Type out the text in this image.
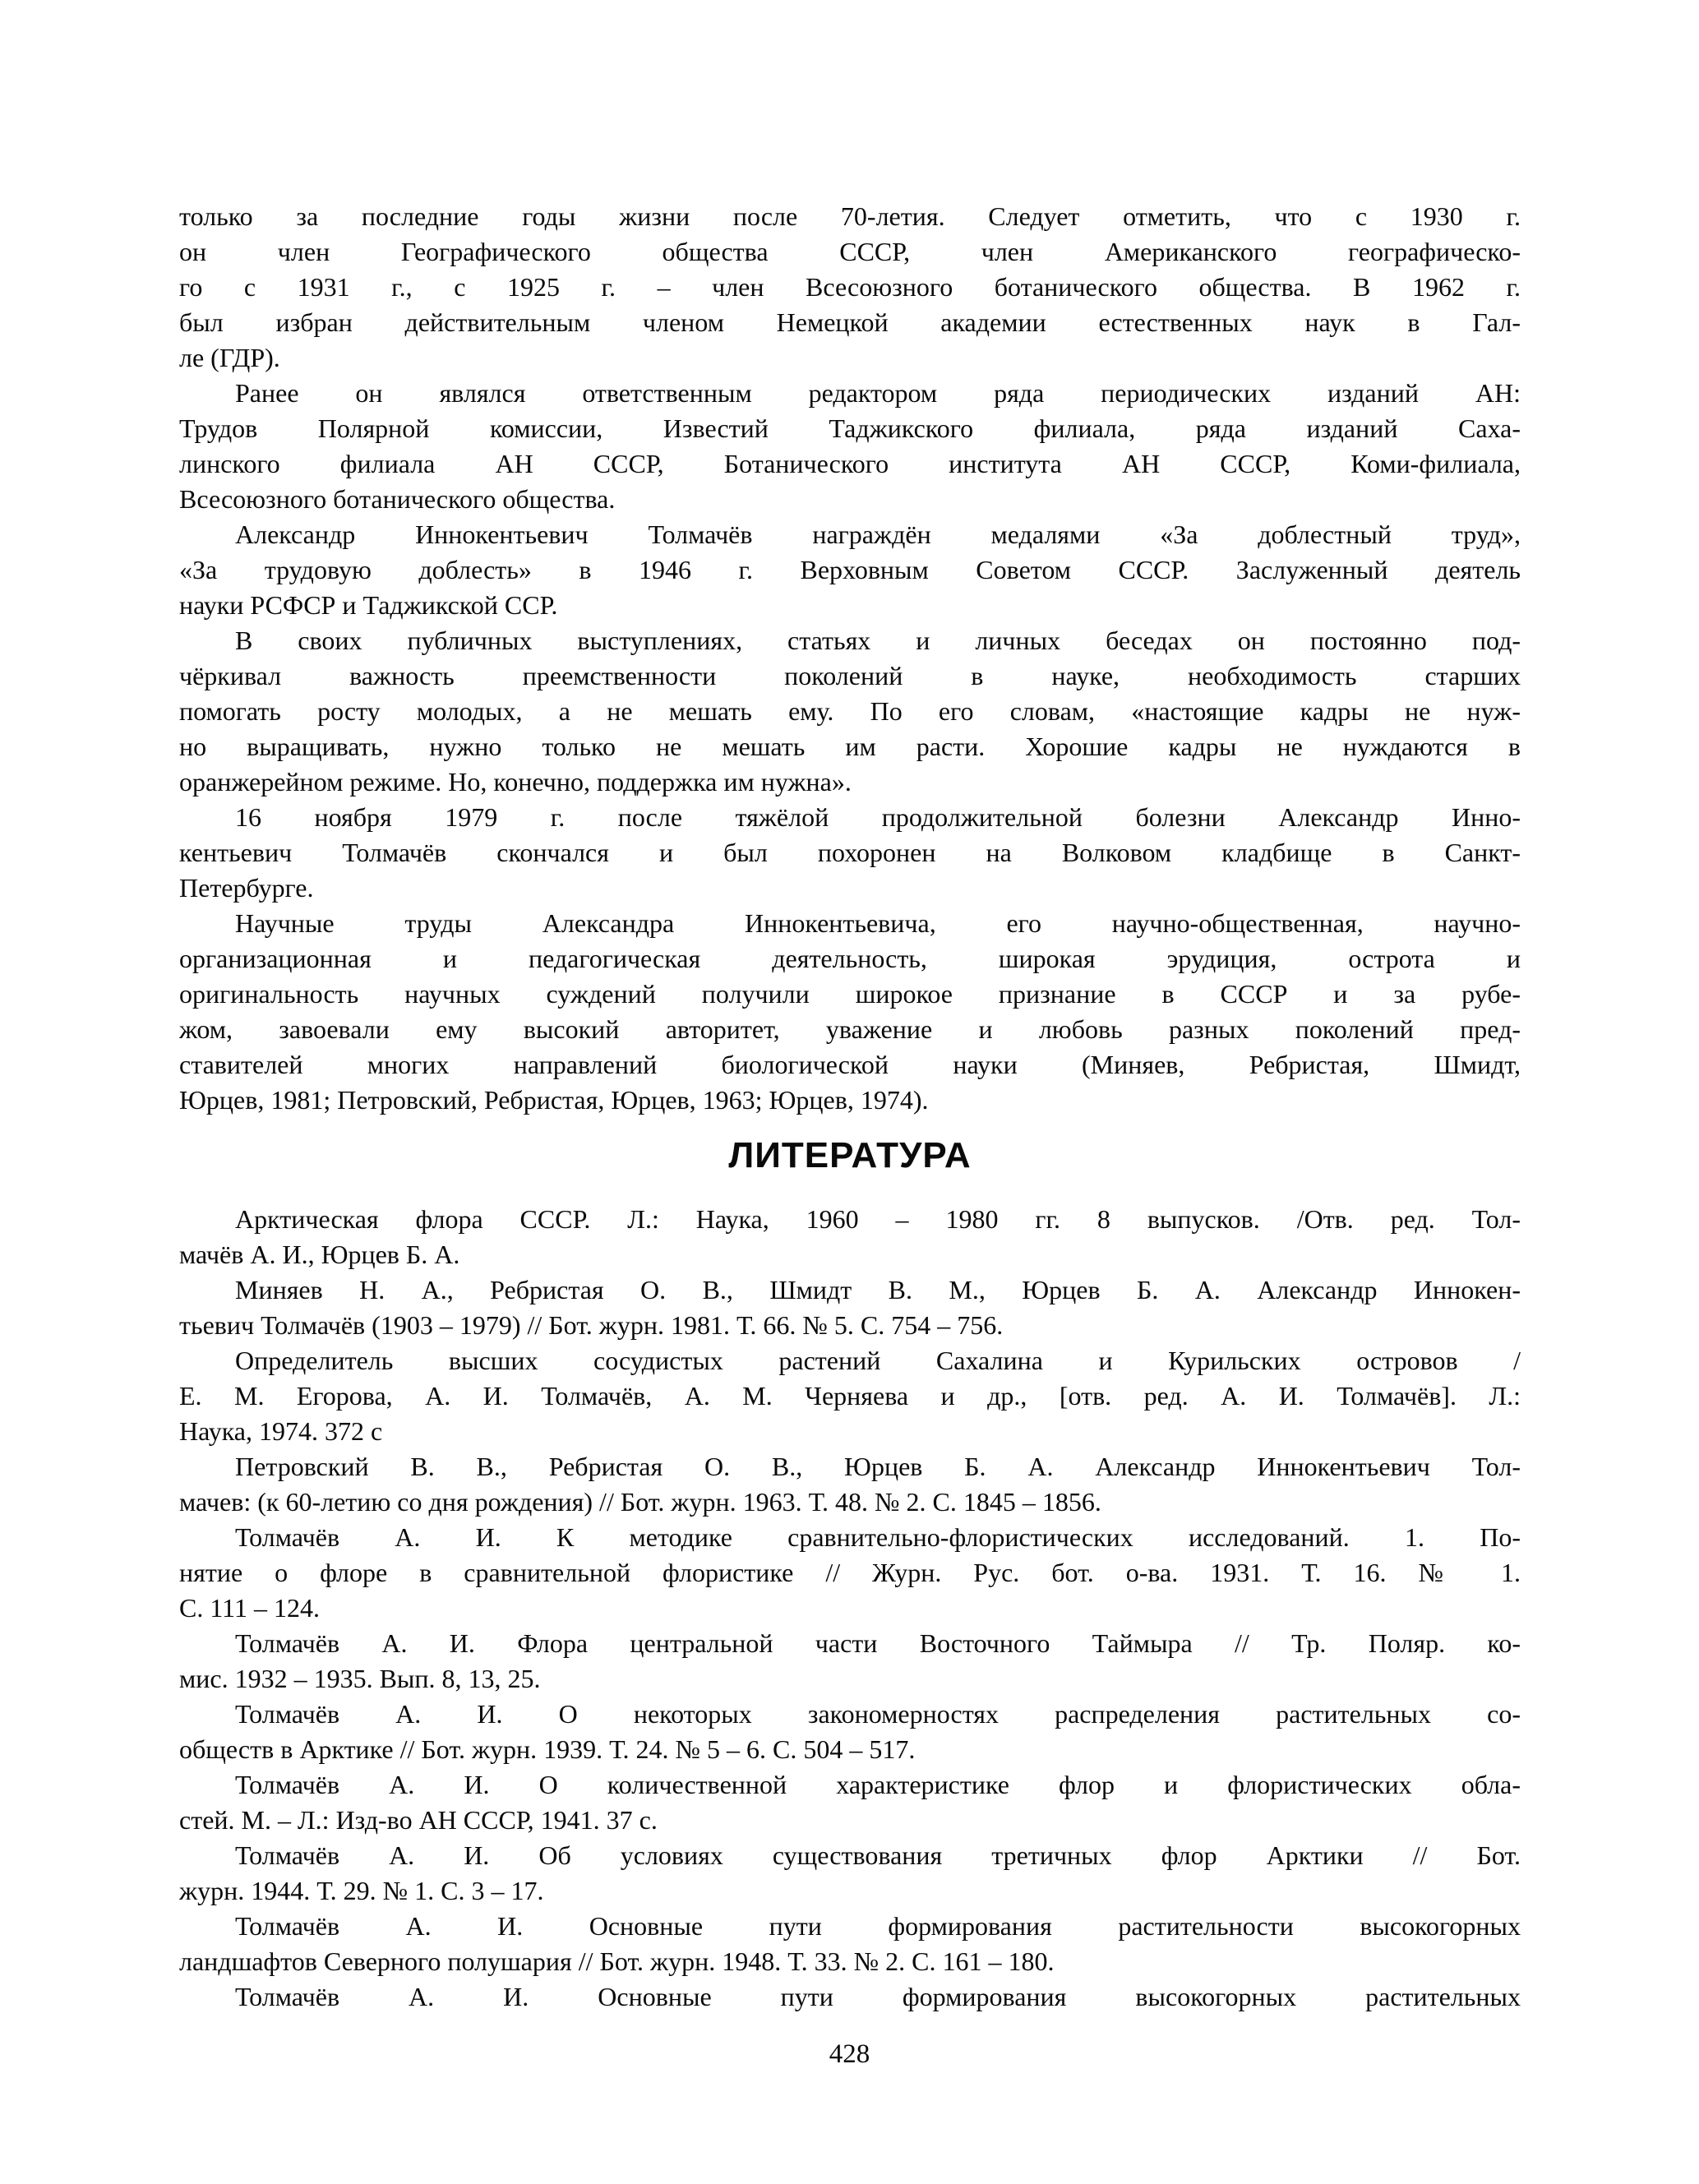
только за последние годы жизни после 70-летия. Следует отметить, что с 1930 г.
он член Географического общества СССР, член Американского географическо-
го с 1931 г., с 1925 г. – член Всесоюзного ботанического общества. В 1962 г.
был избран действительным членом Немецкой академии естественных наук в Гал-
ле (ГДР).
Ранее он являлся ответственным редактором ряда периодических изданий АН:
Трудов Полярной комиссии, Известий Таджикского филиала, ряда изданий Саха-
линского филиала АН СССР, Ботанического института АН СССР, Коми-филиала,
Всесоюзного ботанического общества.
Александр Иннокентьевич Толмачёв награждён медалями «За доблестный труд»,
«За трудовую доблесть» в 1946 г. Верховным Советом СССР. Заслуженный деятель
науки РСФСР и Таджикской ССР.
В своих публичных выступлениях, статьях и личных беседах он постоянно под-
чёркивал важность преемственности поколений в науке, необходимость старших
помогать росту молодых, а не мешать ему. По его словам, «настоящие кадры не нуж-
но выращивать, нужно только не мешать им расти. Хорошие кадры не нуждаются в
оранжерейном режиме. Но, конечно, поддержка им нужна».
16 ноября 1979 г. после тяжёлой продолжительной болезни Александр Инно-
кентьевич Толмачёв скончался и был похоронен на Волковом кладбище в Санкт-
Петербурге.
Научные труды Александра Иннокентьевича, его научно-общественная, научно-
организационная и педагогическая деятельность, широкая эрудиция, острота и
оригинальность научных суждений получили широкое признание в СССР и за рубе-
жом, завоевали ему высокий авторитет, уважение и любовь разных поколений пред-
ставителей многих направлений биологической науки (Миняев, Ребристая, Шмидт,
Юрцев, 1981; Петровский, Ребристая, Юрцев, 1963; Юрцев, 1974).
ЛИТЕРАТУРА
Арктическая флора СССР. Л.: Наука, 1960 – 1980 гг. 8 выпусков. /Отв. ред. Тол-
мачёв А. И., Юрцев Б. А.
Миняев Н. А., Ребристая О. В., Шмидт В. М., Юрцев Б. А. Александр Иннокен-
тьевич Толмачёв (1903 – 1979) // Бот. журн. 1981. Т. 66. № 5. С. 754 – 756.
Определитель высших сосудистых растений Сахалина и Курильских островов /
Е. М. Егорова, А. И. Толмачёв, А. М. Черняева и др., [отв. ред. А. И. Толмачёв]. Л.:
Наука, 1974. 372 с
Петровский В. В., Ребристая О. В., Юрцев Б. А. Александр Иннокентьевич Тол-
мачев: (к 60-летию со дня рождения) // Бот. журн. 1963. Т. 48. № 2. С. 1845 – 1856.
Толмачёв А. И. К методике сравнительно-флористических исследований. 1. По-
нятие о флоре в сравнительной флористике // Журн. Рус. бот. о-ва. 1931. Т. 16. № 1.
С. 111 – 124.
Толмачёв А. И. Флора центральной части Восточного Таймыра // Тр. Поляр. ко-
мис. 1932 – 1935. Вып. 8, 13, 25.
Толмачёв А. И. О некоторых закономерностях распределения растительных со-
обществ в Арктике // Бот. журн. 1939. Т. 24. № 5 – 6. С. 504 – 517.
Толмачёв А. И. О количественной характеристике флор и флористических обла-
стей. М. – Л.: Изд-во АН СССР, 1941. 37 с.
Толмачёв А. И. Об условиях существования третичных флор Арктики // Бот.
журн. 1944. Т. 29. № 1. С. 3 – 17.
Толмачёв А. И. Основные пути формирования растительности высокогорных
ландшафтов Северного полушария // Бот. журн. 1948. Т. 33. № 2. С. 161 – 180.
Толмачёв А. И. Основные пути формирования высокогорных растительных
428
